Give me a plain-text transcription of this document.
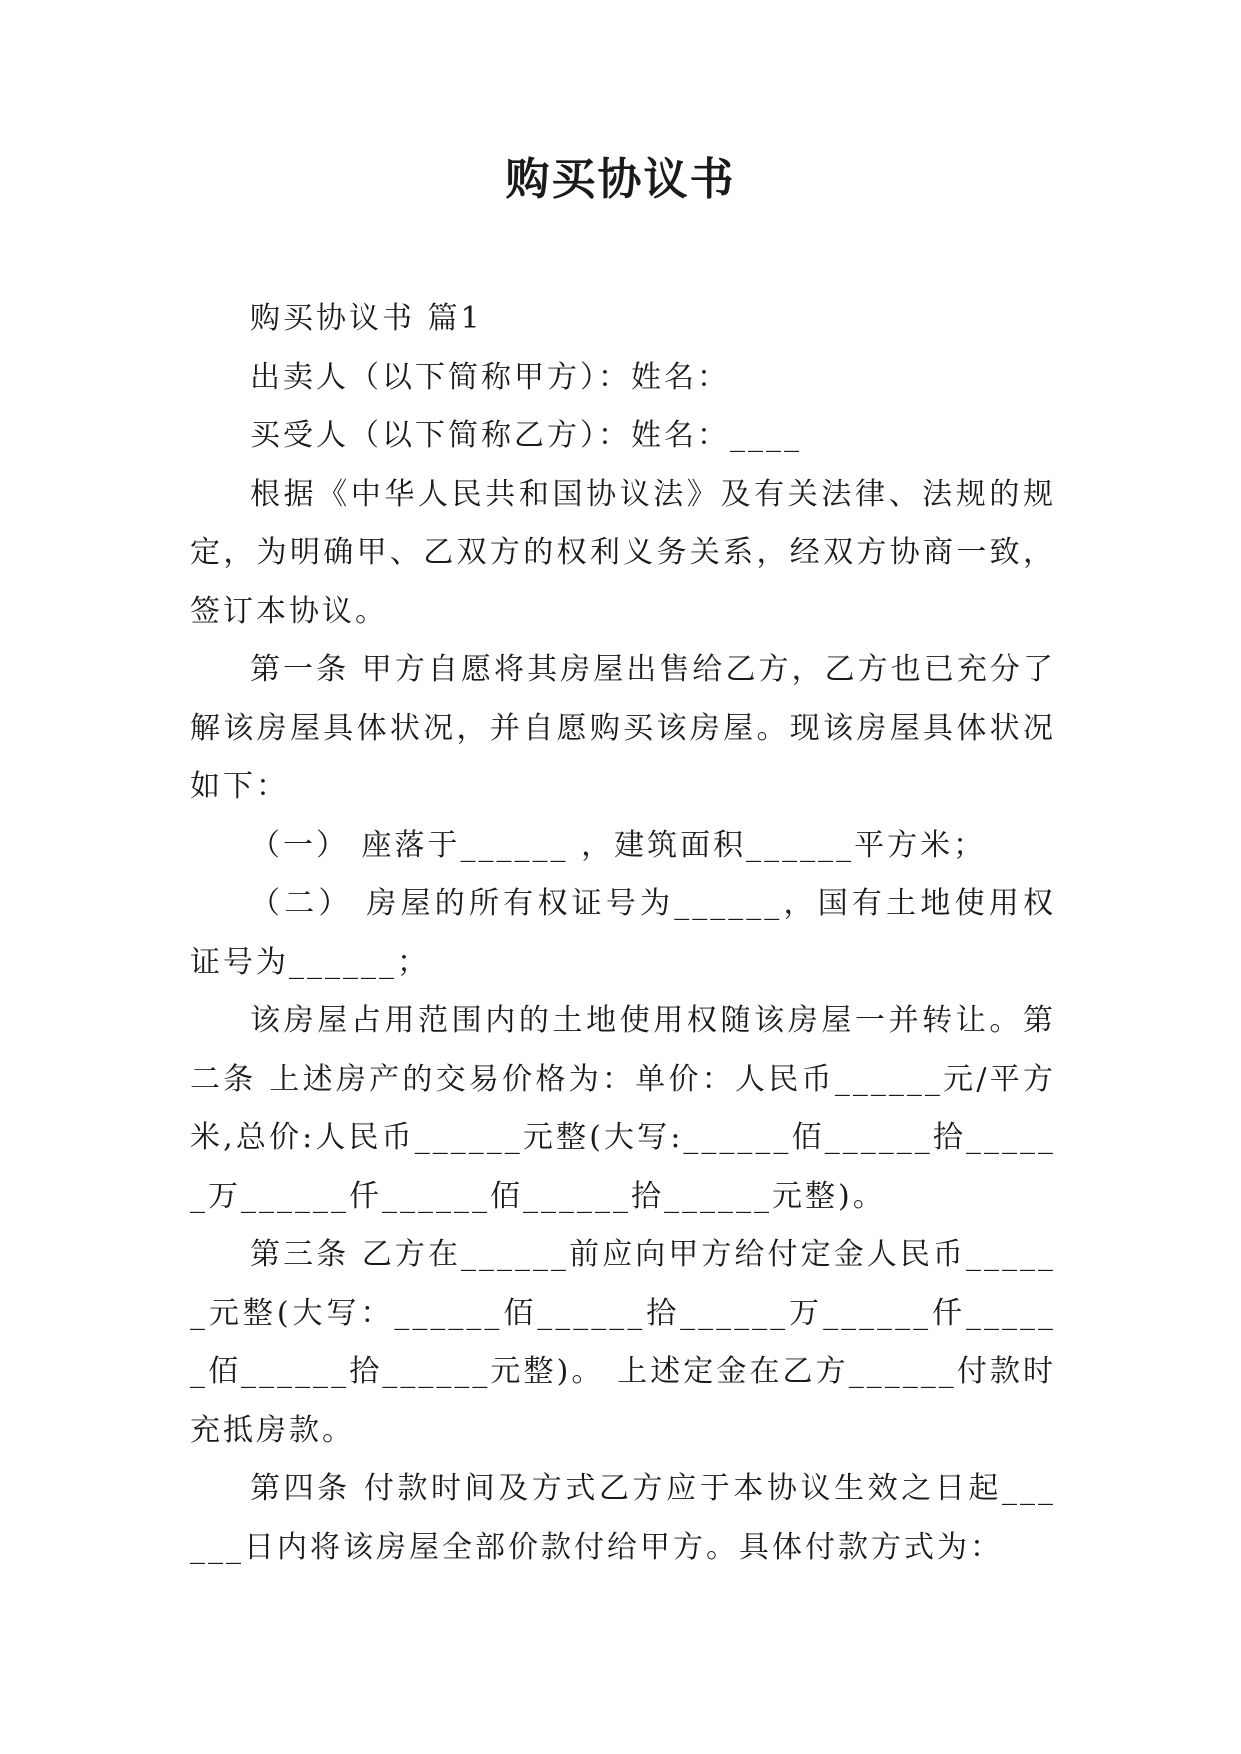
购买协议书

购买协议书 篇1

出卖人（以下简称甲方）：姓名：

买受人（以下简称乙方）：姓名：____

根据《中华人民共和国协议法》及有关法律、法规的规定，为明确甲、乙双方的权利义务关系，经双方协商一致，签订本协议。

第一条 甲方自愿将其房屋出售给乙方，乙方也已充分了解该房屋具体状况，并自愿购买该房屋。现该房屋具体状况如下：

（一） 座落于______ ，建筑面积______平方米；

（二） 房屋的所有权证号为______，国有土地使用权证号为______；

该房屋占用范围内的土地使用权随该房屋一并转让。第二条 上述房产的交易价格为：单价：人民币______元/平方米,总价:人民币______元整(大写:______佰______拾______万______仟______佰______拾______元整)。

第三条 乙方在______前应向甲方给付定金人民币______元整(大写：______佰______拾______万______仟______佰______拾______元整)。 上述定金在乙方______付款时充抵房款。

第四条 付款时间及方式乙方应于本协议生效之日起______日内将该房屋全部价款付给甲方。具体付款方式为：
